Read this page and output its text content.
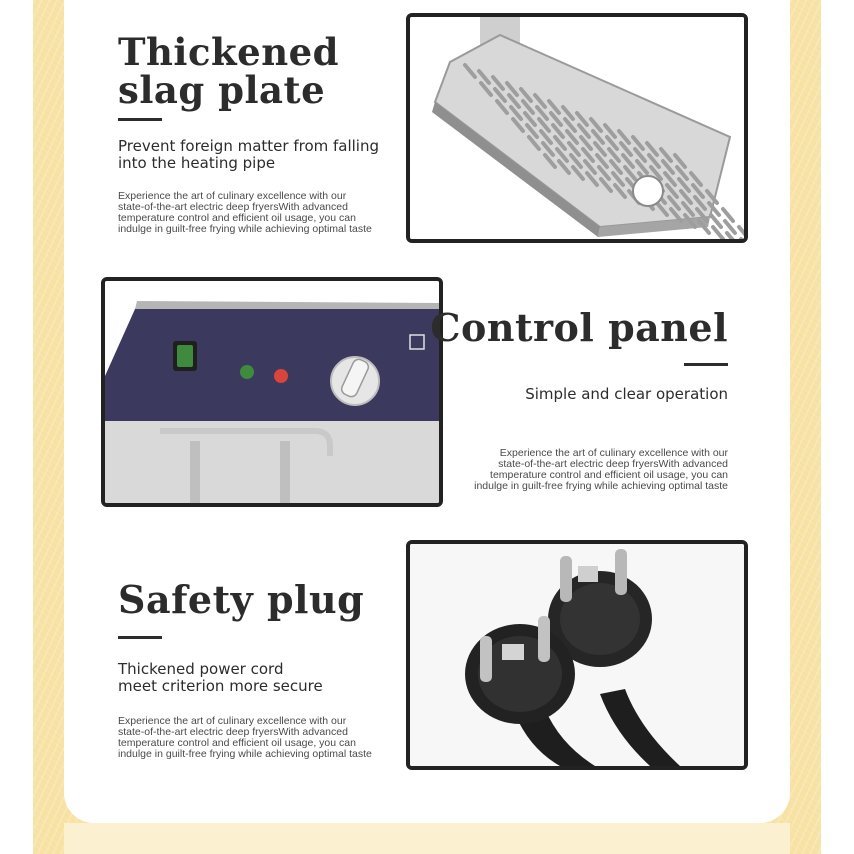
Thickened
slag plate

Prevent foreign matter from falling
into the heating pipe

Experience the art of culinary excellence with our
state-of-the-art electric deep fryersWith advanced
temperature control and efficient oil usage, you can
indulge in guilt-free frying while achieving optimal taste

Control panel

Simple and clear operation

Experience the art of culinary excellence with our
state-of-the-art electric deep fryersWith advanced
temperature control and efficient oil usage, you can
indulge in guilt-free frying while achieving optimal taste

Safety plug

Thickened power cord
meet criterion more secure

Experience the art of culinary excellence with our
state-of-the-art electric deep fryersWith advanced
temperature control and efficient oil usage, you can
indulge in guilt-free frying while achieving optimal taste
